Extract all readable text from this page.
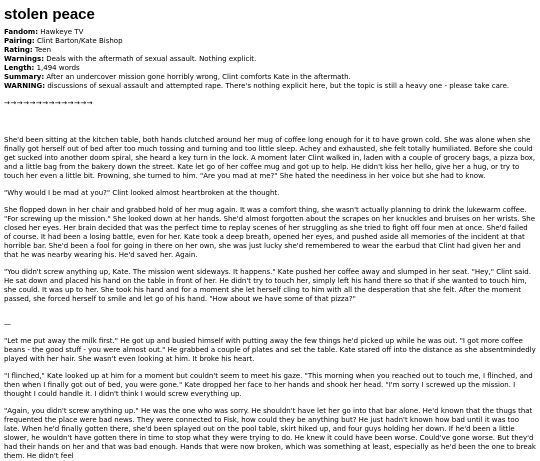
stolen peace
Fandom: Hawkeye TV
Pairing: Clint Barton/Kate Bishop
Rating: Teen
Warnings: Deals with the aftermath of sexual assault. Nothing explicit.
Length: 1,494 words
Summary: After an undercover mission gone horribly wrong, Clint comforts Kate in the aftermath.
WARNING: discussions of sexual assault and attempted rape. There's nothing explicit here, but the topic is still a heavy one - please take care.
→→→→→→→→→→→→→→

She'd been sitting at the kitchen table, both hands clutched around her mug of coffee long enough for it to have grown cold. She was alone when she finally got herself out of bed after too much tossing and turning and too little sleep. Achey and exhausted, she felt totally humiliated. Before she could get sucked into another doom spiral, she heard a key turn in the lock. A moment later Clint walked in, laden with a couple of grocery bags, a pizza box, and a little bag from the bakery down the street. Kate let go of her coffee mug and got up to help. He didn't kiss her hello, give her a hug, or try to touch her even a little bit. Frowning, she turned to him. "Are you mad at me?" She hated the neediness in her voice but she had to know.

"Why would I be mad at you?" Clint looked almost heartbroken at the thought.

She flopped down in her chair and grabbed hold of her mug again. It was a comfort thing, she wasn't actually planning to drink the lukewarm coffee. "For screwing up the mission." She looked down at her hands. She'd almost forgotten about the scrapes on her knuckles and bruises on her wrists. She closed her eyes. Her brain decided that was the perfect time to replay scenes of her struggling as she tried to fight off four men at once. She'd failed of course. It had been a losing battle, even for her. Kate took a deep breath, opened her eyes, and pushed aside all memories of the incident at that horrible bar. She'd been a fool for going in there on her own, she was just lucky she'd remembered to wear the earbud that Clint had given her and that he was nearby wearing his. He'd saved her. Again.

"You didn't screw anything up, Kate. The mission went sideways. It happens." Kate pushed her coffee away and slumped in her seat. "Hey," Clint said. He sat down and placed his hand on the table in front of her. He didn't try to touch her, simply left his hand there so that if she wanted to touch him, she could. It was up to her. She took his hand and for a moment she let herself cling to him with all the desperation that she felt. After the moment passed, she forced herself to smile and let go of his hand. "How about we have some of that pizza?"

—

"Let me put away the milk first." He got up and busied himself with putting away the few things he'd picked up while he was out. "I got more coffee beans - the good stuff - you were almost out." He grabbed a couple of plates and set the table. Kate stared off into the distance as she absentmindedly played with her hair. She wasn't even looking at him. It broke his heart.

"I flinched," Kate looked up at him for a moment but couldn't seem to meet his gaze. "This morning when you reached out to touch me, I flinched, and then when I finally got out of bed, you were gone." Kate dropped her face to her hands and shook her head. "I'm sorry I screwed up the mission. I thought I could handle it. I didn't think I would screw everything up.

"Again, you didn't screw anything up." He was the one who was sorry. He shouldn't have let her go into that bar alone. He'd known that the thugs that frequented the place were bad news. They were connected to Fisk, how could they be anything but? He just hadn't known how bad until it was too late. When he'd finally gotten there, she'd been splayed out on the pool table, skirt hiked up, and four guys holding her down. If he'd been a little slower, he wouldn't have gotten there in time to stop what they were trying to do. He knew it could have been worse. Could've gone worse. But they'd had their hands on her and that was bad enough. Hands that were now broken, which was something at least, especially as he'd been the one to break them. He didn't feel
